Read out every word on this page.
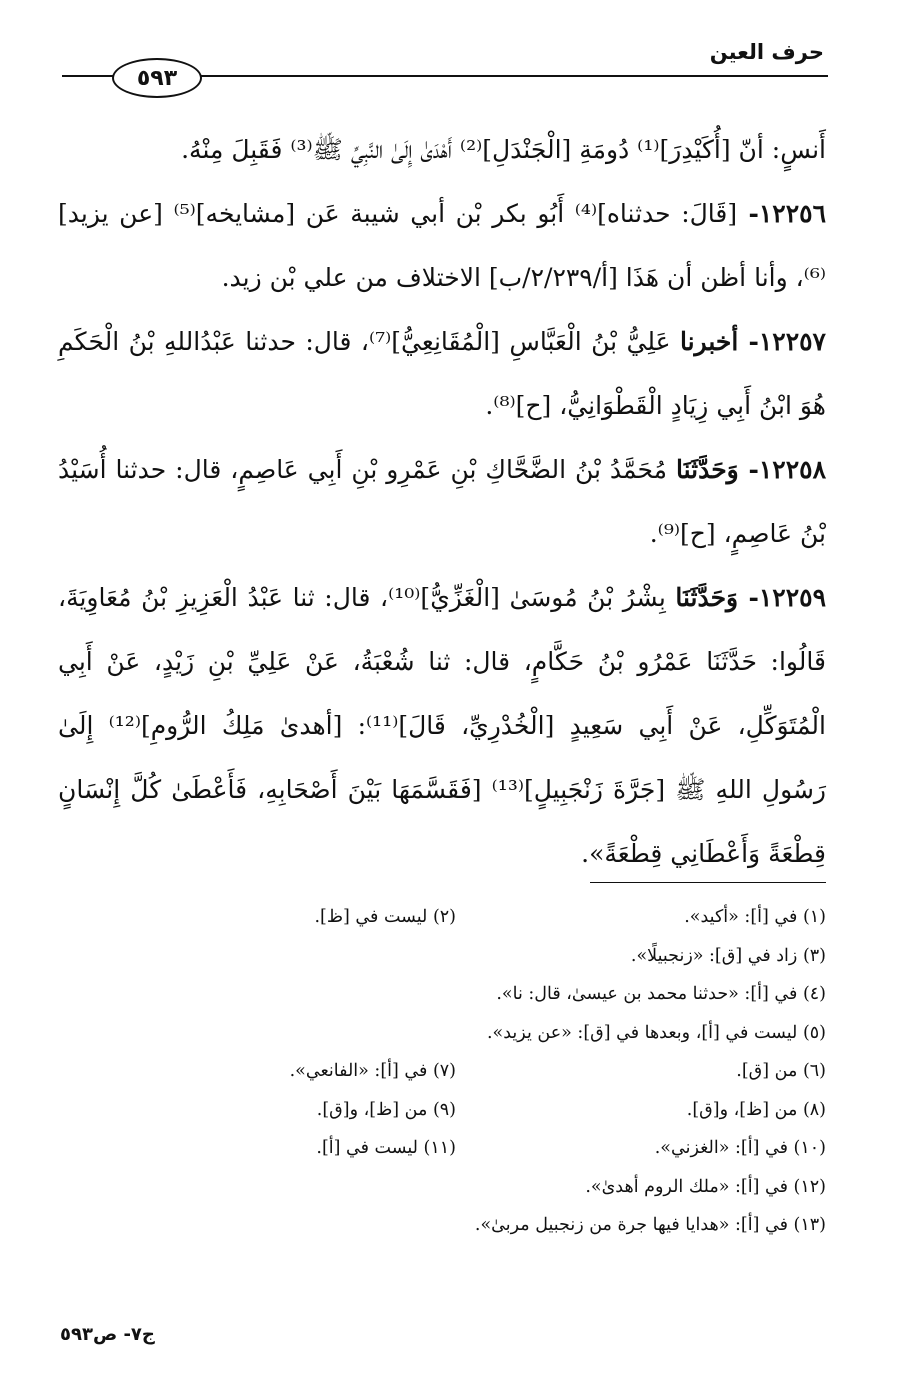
حرف العين
٥٩٣

أَنسٍ: أنّ [أُكَيْدِرَ]⁽¹⁾ دُومَةِ [الْجَنْدَلِ]⁽²⁾ أَهْدَىٰ إِلَىٰ النَّبِيِّ ﷺ⁽³⁾ فَقَبِلَ مِنْهُ.

١٢٢٥٦- [قَالَ: حدثناه]⁽⁴⁾ أَبُو بكر بْن أبي شيبة عَن [مشايخه]⁽⁵⁾ [عن يزيد]⁽⁶⁾، وأنا أظن أن هَذَا [أ/٢/٢٣٩/ب] الاختلاف من علي بْن زيد.

١٢٢٥٧- أخبرنا عَلِيُّ بْنُ الْعَبَّاسِ [الْمُقَانِعِيُّ]⁽⁷⁾، قال: حدثنا عَبْدُاللهِ بْنُ الْحَكَمِ هُوَ ابْنُ أَبِي زِيَادٍ الْقَطْوَانِيُّ، [ح]⁽⁸⁾.

١٢٢٥٨- وَحَدَّثَنَا مُحَمَّدُ بْنُ الضَّحَّاكِ بْنِ عَمْرِو بْنِ أَبِي عَاصِمٍ، قال: حدثنا أُسَيْدُ بْنُ عَاصِمٍ، [ح]⁽⁹⁾.

١٢٢٥٩- وَحَدَّثَنَا بِشْرُ بْنُ مُوسَىٰ [الْغَزِّيُّ]⁽¹⁰⁾، قال: ثنا عَبْدُ الْعَزِيزِ بْنُ مُعَاوِيَةَ، قَالُوا: حَدَّثَنَا عَمْرُو بْنُ حَكَّامٍ، قال: ثنا شُعْبَةُ، عَنْ عَلِيِّ بْنِ زَيْدٍ، عَنْ أَبِي الْمُتَوَكِّلِ، عَنْ أَبِي سَعِيدٍ [الْخُدْرِيِّ، قَالَ]⁽¹¹⁾: [أهدىٰ مَلِكُ الرُّومِ]⁽¹²⁾ إِلَىٰ رَسُولِ اللهِ ﷺ [جَرَّةَ زَنْجَبِيلٍ]⁽¹³⁾ [فَقَسَّمَهَا بَيْنَ أَصْحَابِهِ، فَأَعْطَىٰ كُلَّ إِنْسَانٍ قِطْعَةً وَأَعْطَانِي قِطْعَةً».

(١) في [أ]: «أكيد».
(٢) ليست في [ظ].
(٣) زاد في [ق]: «زنجبيلًا».
(٤) في [أ]: «حدثنا محمد بن عيسىٰ، قال: نا».
(٥) ليست في [أ]، وبعدها في [ق]: «عن يزيد».
(٦) من [ق].
(٧) في [أ]: «الفانعي».
(٨) من [ظ]، و[ق].
(٩) من [ظ]، و[ق].
(١٠) في [أ]: «الغزني».
(١١) ليست في [أ].
(١٢) في [أ]: «ملك الروم أهدىٰ».
(١٣) في [أ]: «هدايا فيها جرة من زنجبيل مربىٰ».
ج٧- ص٥٩٣
